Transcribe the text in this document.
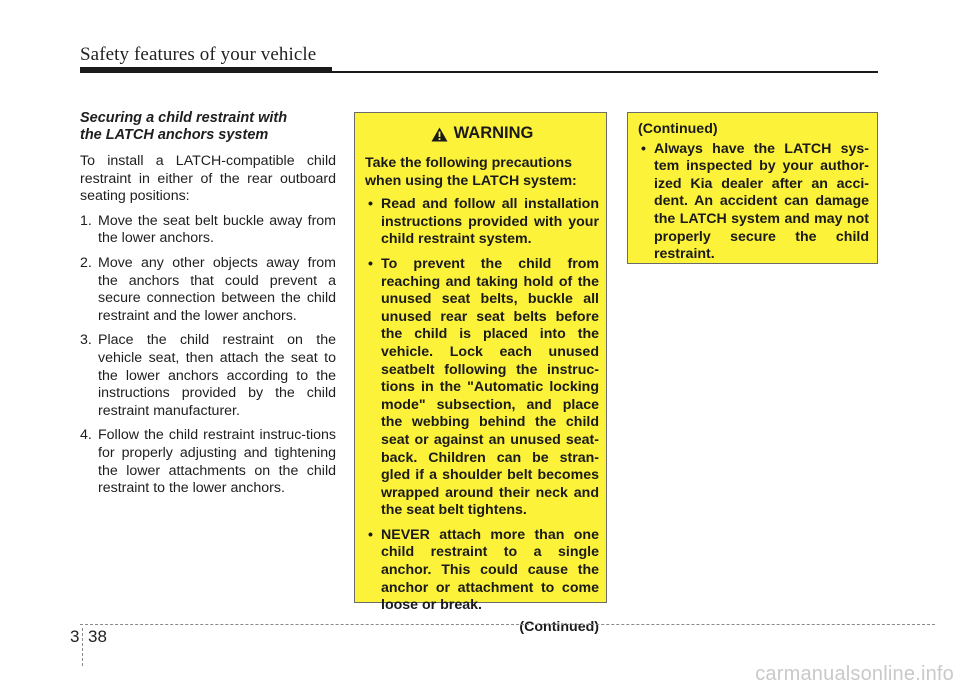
Safety features of your vehicle
Securing a child restraint with
the LATCH anchors system

To install a LATCH-compatible child restraint in either of the rear outboard seating positions:

1. Move the seat belt buckle away from the lower anchors.
2. Move any other objects away from the anchors that could prevent a secure connection between the child restraint and the lower anchors.
3. Place the child restraint on the vehicle seat, then attach the seat to the lower anchors according to the instructions provided by the child restraint manufacturer.
4. Follow the child restraint instruc-tions for properly adjusting and tightening the lower attachments on the child restraint to the lower anchors.
WARNING

Take the following precautions when using the LATCH system:

• Read and follow all installation instructions provided with your child restraint system.
• To prevent the child from reaching and taking hold of the unused seat belts, buckle all unused rear seat belts before the child is placed into the vehicle. Lock each unused seatbelt following the instruc-tions in the "Automatic locking mode" subsection, and place the webbing behind the child seat or against an unused seat-back. Children can be stran-gled if a shoulder belt becomes wrapped around their neck and the seat belt tightens.
• NEVER attach more than one child restraint to a single anchor. This could cause the anchor or attachment to come loose or break.
(Continued)

(Continued)

• Always have the LATCH sys-tem inspected by your author-ized Kia dealer after an acci-dent. An accident can damage the LATCH system and may not properly secure the child restraint.
3 38
carmanualsonline.info
